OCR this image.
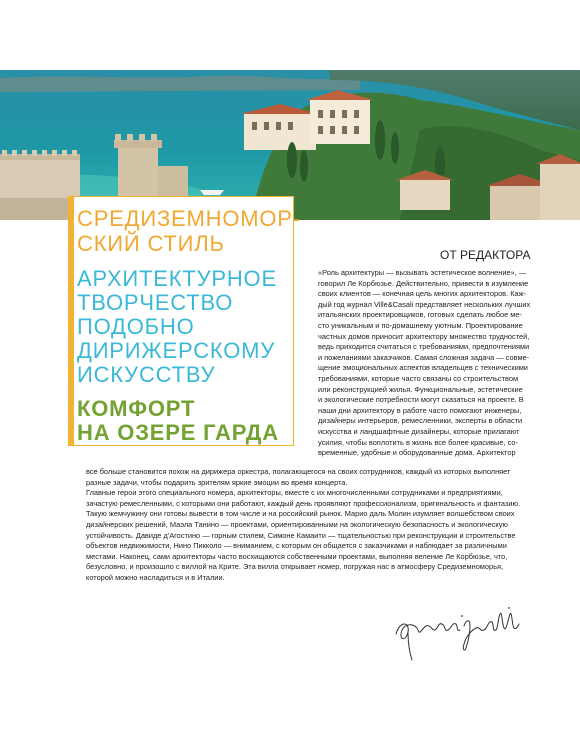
СРЕДИЗЕМНОМОР-

СКИЙ СТИЛЬ

АРХИТЕКТУРНОЕ

ТВОРЧЕСТВО

ПОДОБНО

ДИРИЖЕРСКОМУ

ИСКУССТВУ

КОМФОРТ

НА ОЗЕРЕ ГАРДА

ОТ РЕДАКТОРА
«Роль архитектуры — вызывать эстетическое волнение», —
говорил Ле Корбюзье. Действительно, привести в изумление
своих клиентов — конечная цель многих архитекторов. Каж-
дый год журнал Ville&Casali представляет нескольких лучших
итальянских проектировщиков, готовых сделать любое ме-
сто уникальным и по-домашнему уютным. Проектирование
частных домов приносит архитектору множество трудностей,
ведь приходится считаться с требованиями, предпочтениями
и пожеланиями заказчиков. Самая сложная задача — совме-
щение эмоциональных аспектов владельцев с техническими
требованиями, которые часто связаны со строительством
или реконструкцией жилья. Функциональные, эстетические
и экологические потребности могут сказаться на проекте. В
наши дни архитектору в работе часто помогают инженеры,
дизайнеры интерьеров, ремесленники, эксперты в области
искусства и ландшафтные дизайнеры, которые прилагают
усилия, чтобы воплотить в жизнь все более красивые, со-
временные, удобные и оборудованные дома. Архитектор
все больше становится похож на дирижера оркестра, полагающегося на своих сотрудников, каждый из которых выполняет
разные задачи, чтобы подарить зрителям яркие эмоции во время концерта.
Главные герои этого специального номера, архитекторы, вместе с их многочисленными сотрудниками и предприятиями,
зачастую ремесленными, с которыми они работают, каждый день проявляют профессионализм, оригинальность и фантазию.
Такую жемчужину они готовы вывести в том числе и на российский рынок. Марио даль Молин изумляет волшебством своих
дизайнерских решений, Маэла Танино — проектами, ориентированными на экологическую безопасность и экологическую
устойчивость. Давиде д'Агостино — горным стилем, Симоне Камаити — тщательностью при реконструкции и строительстве
объектов недвижимости, Нино Пикколо — вниманием, с которым он общается с заказчиками и наблюдает за различными
местами. Наконец, сами архитекторы часто восхищаются собственными проектами, выполняя веление Ле Корбюзье, что,
безусловно, и произошло с виллой на Крите. Эта вилла открывает номер, погружая нас в атмосферу Средиземноморья,
которой можно насладиться и в Италии.
